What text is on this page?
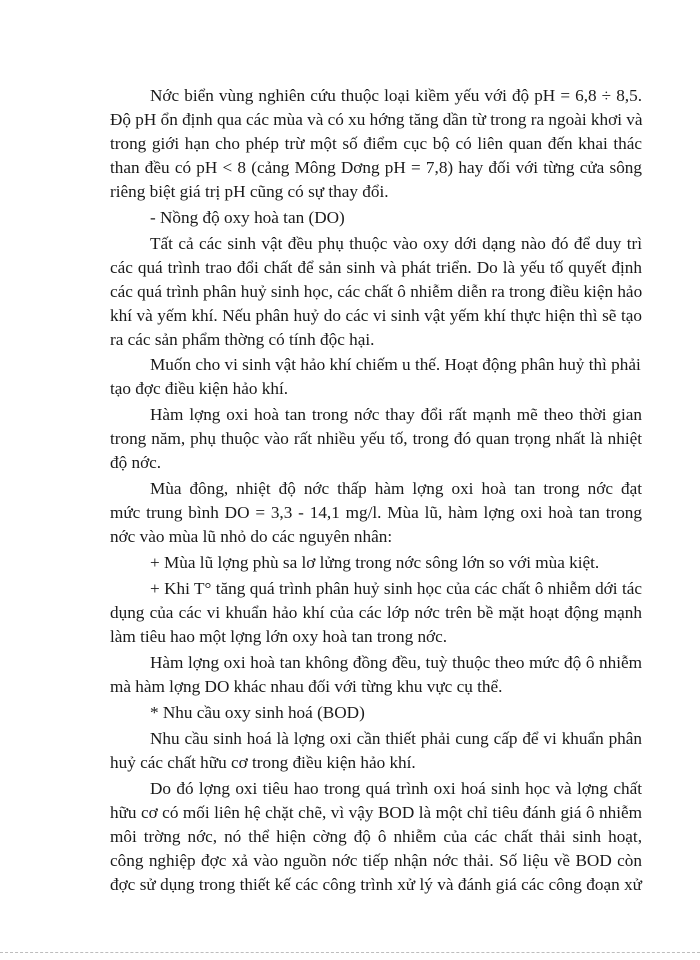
Nớc biển vùng nghiên cứu thuộc loại kiềm yếu với độ pH = 6,8 ÷ 8,5.
Độ pH ổn định qua các mùa và có xu hớng tăng dần từ trong ra ngoài khơi và
trong giới hạn cho phép trừ một số điểm cục bộ có liên quan đến khai thác
than đều có pH < 8 (cảng Mông Dơng pH = 7,8) hay đối với từng cửa sông
riêng biệt giá trị pH cũng có sự thay đổi.
- Nồng độ oxy hoà tan (DO)
Tất cả các sinh vật đều phụ thuộc vào oxy dới dạng nào đó để duy trì
các quá trình trao đổi chất để sản sinh và phát triển. Do là yếu tố quyết định
các quá trình phân huỷ sinh học, các chất ô nhiễm diễn ra trong điều kiện hảo
khí và yếm khí. Nếu phân huỷ do các vi sinh vật yếm khí thực hiện thì sẽ tạo
ra các sản phẩm thờng có tính độc hại.
Muốn cho vi sinh vật hảo khí chiếm u thế. Hoạt động phân huỷ thì phải
tạo đợc điều kiện hảo khí.
Hàm lợng oxi hoà tan trong nớc thay đổi rất mạnh mẽ theo thời gian
trong năm, phụ thuộc vào rất nhiều yếu tố, trong đó quan trọng nhất là nhiệt
độ nớc.
Mùa đông, nhiệt độ nớc thấp hàm lợng oxi hoà tan trong nớc đạt
mức trung bình DO = 3,3 - 14,1 mg/l. Mùa lũ, hàm lợng oxi hoà tan trong
nớc vào mùa lũ nhỏ do các nguyên nhân:
+ Mùa lũ lợng phù sa lơ lửng trong nớc sông lớn so với mùa kiệt.
+ Khi T° tăng quá trình phân huỷ sinh học của các chất ô nhiễm dới tác
dụng của các vi khuẩn hảo khí của các lớp nớc trên bề mặt hoạt động mạnh
làm tiêu hao một lợng lớn oxy hoà tan trong nớc.
Hàm lợng oxi hoà tan không đồng đều, tuỳ thuộc theo mức độ ô nhiễm
mà hàm lợng DO khác nhau đối với từng khu vực cụ thể.
* Nhu cầu oxy sinh hoá (BOD)
Nhu cầu sinh hoá là lợng oxi cần thiết phải cung cấp để vi khuẩn phân
huỷ các chất hữu cơ trong điều kiện hảo khí.
Do đó lợng oxi tiêu hao trong quá trình oxi hoá sinh học và lợng chất
hữu cơ có mối liên hệ chặt chẽ, vì vậy BOD là một chỉ tiêu đánh giá ô nhiễm
môi trờng nớc, nó thể hiện cờng độ ô nhiễm của các chất thải sinh hoạt,
công nghiệp đợc xả vào nguồn nớc tiếp nhận nớc thải. Số liệu về BOD còn
đợc sử dụng trong thiết kế các công trình xử lý và đánh giá các công đoạn xử
